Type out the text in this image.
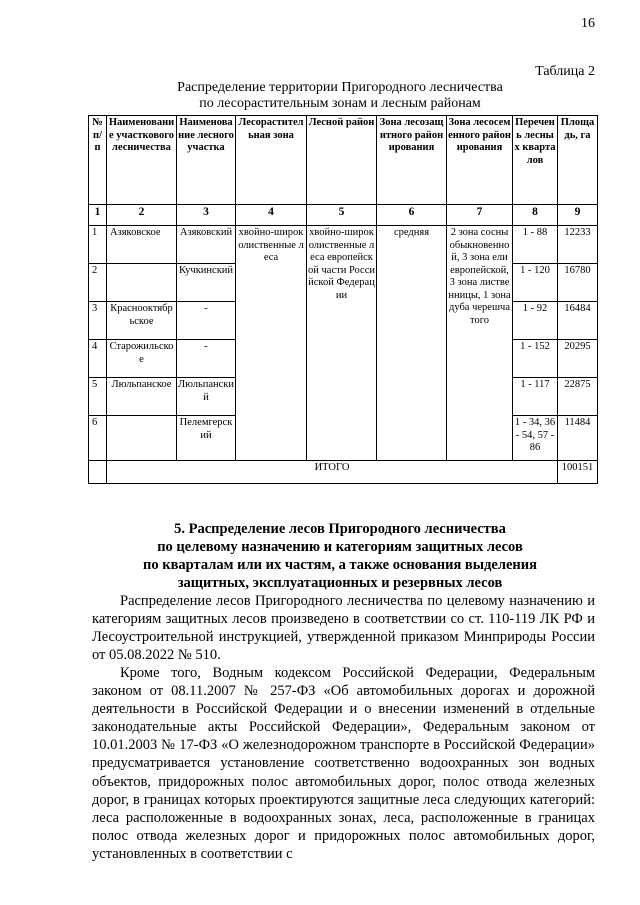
16
Таблица 2
Распределение территории Пригородного лесничества
по лесорастительным зонам и лесным районам
№ п/п	Наименование участкового лесничества	Наименование лесного участка	Лесорастительная зона	Лесной район	Зона лесозащитного районирования	Зона лесосеменного районирования	Перечень лесных кварталов	Площадь, га
1	2	3	4	5	6	7	8	9
1	Азяковское	Азяковский	хвойно-широколиственные леса	хвойно-широколиственные леса европейской части Российской Федерации	средняя	2 зона сосны обыкновенной, 3 зона ели европейской, 3 зона лиственницы, 1 зона дуба черешчатого	1 - 88	12233
2		Кучкинский					1 - 120	16780
3	Краснооктябрьское	-					1 - 92	16484
4	Старожильское	-					1 - 152	20295
5	Люльпанское	Люльпанский					1 - 117	22875
6		Пелемгерский					1 - 34, 36 - 54, 57 - 86	11484
	ИТОГО							100151
5. Распределение лесов Пригородного лесничества
по целевому назначению и категориям защитных лесов
по кварталам или их частям, а также основания выделения
защитных, эксплуатационных и резервных лесов

Распределение лесов Пригородного лесничества по целевому назначению и категориям защитных лесов произведено в соответствии со ст. 110-119 ЛК РФ и Лесоустроительной инструкцией, утвержденной приказом Минприроды России от 05.08.2022 № 510.

Кроме того, Водным кодексом Российской Федерации, Федеральным законом от 08.11.2007 № 257-ФЗ «Об автомобильных дорогах и дорожной деятельности в Российской Федерации и о внесении изменений в отдельные законодательные акты Российской Федерации», Федеральным законом от 10.01.2003 № 17-ФЗ «О железнодорожном транспорте в Российской Федерации» предусматривается установление соответственно водоохранных зон водных объектов, придорожных полос автомобильных дорог, полос отвода железных дорог, в границах которых проектируются защитные леса следующих категорий: леса расположенные в водоохранных зонах, леса, расположенные в границах полос отвода железных дорог и придорожных полос автомобильных дорог, установленных в соответствии с
